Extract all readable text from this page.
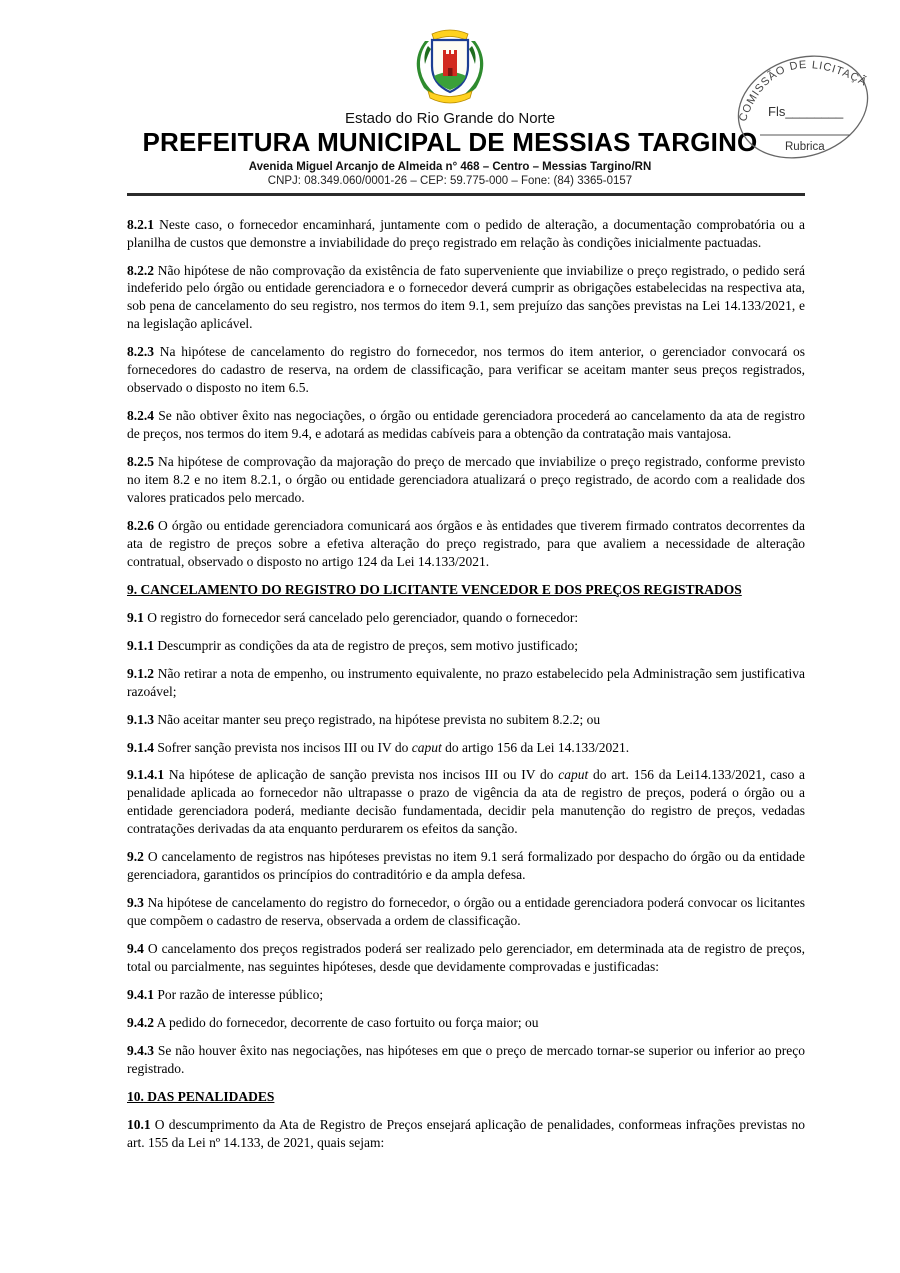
Estado do Rio Grande do Norte
PREFEITURA MUNICIPAL DE MESSIAS TARGINO
Avenida Miguel Arcanjo de Almeida n° 468 – Centro – Messias Targino/RN
CNPJ: 08.349.060/0001-26 – CEP: 59.775-000 – Fone: (84) 3365-0157
COMISSÃO DE LICITAÇÃ
Fls________
Rubrica

8.2.1 Neste caso, o fornecedor encaminhará, juntamente com o pedido de alteração, a documentação comprobatória ou a planilha de custos que demonstre a inviabilidade do preço registrado em relação às condições inicialmente pactuadas.

8.2.2 Não hipótese de não comprovação da existência de fato superveniente que inviabilize o preço registrado, o pedido será indeferido pelo órgão ou entidade gerenciadora e o fornecedor deverá cumprir as obrigações estabelecidas na respectiva ata, sob pena de cancelamento do seu registro, nos termos do item 9.1, sem prejuízo das sanções previstas na Lei 14.133/2021, e na legislação aplicável.

8.2.3 Na hipótese de cancelamento do registro do fornecedor, nos termos do item anterior, o gerenciador convocará os fornecedores do cadastro de reserva, na ordem de classificação, para verificar se aceitam manter seus preços registrados, observado o disposto no item 6.5.

8.2.4 Se não obtiver êxito nas negociações, o órgão ou entidade gerenciadora procederá ao cancelamento da ata de registro de preços, nos termos do item 9.4, e adotará as medidas cabíveis para a obtenção da contratação mais vantajosa.

8.2.5 Na hipótese de comprovação da majoração do preço de mercado que inviabilize o preço registrado, conforme previsto no item 8.2 e no item 8.2.1, o órgão ou entidade gerenciadora atualizará o preço registrado, de acordo com a realidade dos valores praticados pelo mercado.

8.2.6 O órgão ou entidade gerenciadora comunicará aos órgãos e às entidades que tiverem firmado contratos decorrentes da ata de registro de preços sobre a efetiva alteração do preço registrado, para que avaliem a necessidade de alteração contratual, observado o disposto no artigo 124 da Lei 14.133/2021.

9. CANCELAMENTO DO REGISTRO DO LICITANTE VENCEDOR E DOS PREÇOS REGISTRADOS

9.1 O registro do fornecedor será cancelado pelo gerenciador, quando o fornecedor:

9.1.1 Descumprir as condições da ata de registro de preços, sem motivo justificado;

9.1.2 Não retirar a nota de empenho, ou instrumento equivalente, no prazo estabelecido pela Administração sem justificativa razoável;

9.1.3 Não aceitar manter seu preço registrado, na hipótese prevista no subitem 8.2.2; ou

9.1.4 Sofrer sanção prevista nos incisos III ou IV do caput do artigo 156 da Lei 14.133/2021.

9.1.4.1 Na hipótese de aplicação de sanção prevista nos incisos III ou IV do caput do art. 156 da Lei14.133/2021, caso a penalidade aplicada ao fornecedor não ultrapasse o prazo de vigência da ata de registro de preços, poderá o órgão ou a entidade gerenciadora poderá, mediante decisão fundamentada, decidir pela manutenção do registro de preços, vedadas contratações derivadas da ata enquanto perdurarem os efeitos da sanção.

9.2 O cancelamento de registros nas hipóteses previstas no item 9.1 será formalizado por despacho do órgão ou da entidade gerenciadora, garantidos os princípios do contraditório e da ampla defesa.

9.3 Na hipótese de cancelamento do registro do fornecedor, o órgão ou a entidade gerenciadora poderá convocar os licitantes que compõem o cadastro de reserva, observada a ordem de classificação.

9.4 O cancelamento dos preços registrados poderá ser realizado pelo gerenciador, em determinada ata de registro de preços, total ou parcialmente, nas seguintes hipóteses, desde que devidamente comprovadas e justificadas:

9.4.1 Por razão de interesse público;

9.4.2 A pedido do fornecedor, decorrente de caso fortuito ou força maior; ou

9.4.3 Se não houver êxito nas negociações, nas hipóteses em que o preço de mercado tornar-se superior ou inferior ao preço registrado.

10. DAS PENALIDADES

10.1 O descumprimento da Ata de Registro de Preços ensejará aplicação de penalidades, conformeas infrações previstas no art. 155 da Lei nº 14.133, de 2021, quais sejam:
